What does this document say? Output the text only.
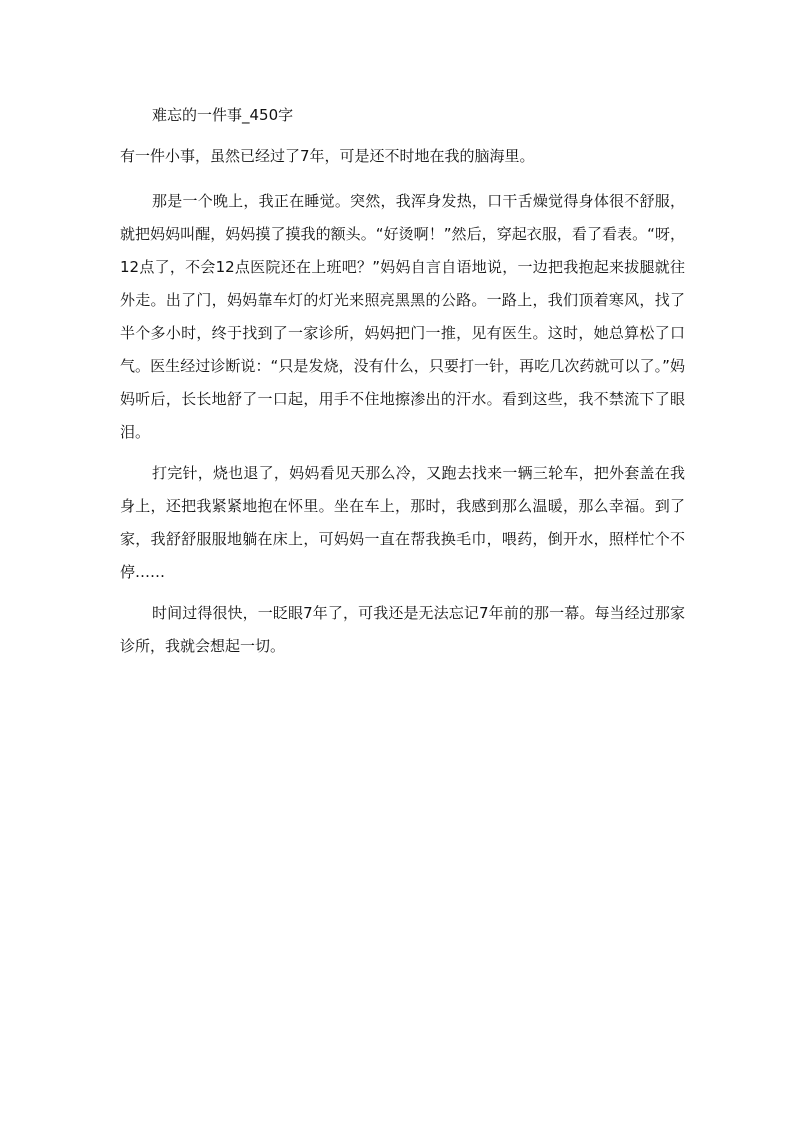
难忘的一件事_450字

有一件小事，虽然已经过了7年，可是还不时地在我的脑海里。

那是一个晚上，我正在睡觉。突然，我浑身发热，口干舌燥觉得身体很不舒服，就把妈妈叫醒，妈妈摸了摸我的额头。“好烫啊！”然后，穿起衣服，看了看表。“呀，12点了，不会12点医院还在上班吧？”妈妈自言自语地说，一边把我抱起来拔腿就往外走。出了门，妈妈靠车灯的灯光来照亮黑黑的公路。一路上，我们顶着寒风，找了半个多小时，终于找到了一家诊所，妈妈把门一推，见有医生。这时，她总算松了口气。医生经过诊断说：“只是发烧，没有什么，只要打一针，再吃几次药就可以了。”妈妈听后，长长地舒了一口起，用手不住地擦渗出的汗水。看到这些，我不禁流下了眼泪。

打完针，烧也退了，妈妈看见天那么冷，又跑去找来一辆三轮车，把外套盖在我身上，还把我紧紧地抱在怀里。坐在车上，那时，我感到那么温暖，那么幸福。到了家，我舒舒服服地躺在床上，可妈妈一直在帮我换毛巾，喂药，倒开水，照样忙个不停……

时间过得很快，一眨眼7年了，可我还是无法忘记7年前的那一幕。每当经过那家诊所，我就会想起一切。
